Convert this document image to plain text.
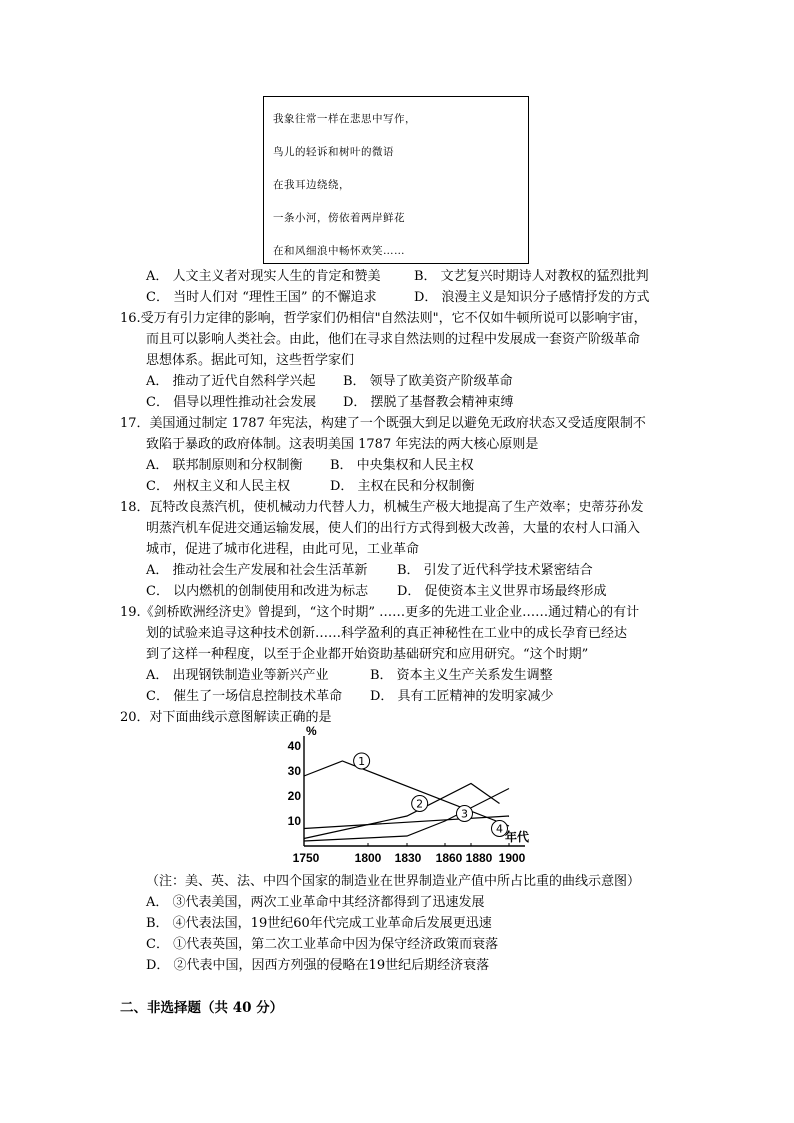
我象往常一样在悲思中写作，
鸟儿的轻诉和树叶的微语
在我耳边绕绕，
一条小河，傍依着两岸鲜花
在和风细浪中畅怀欢笑……
A． 人文主义者对现实人生的肯定和赞美	B． 文艺复兴时期诗人对教权的猛烈批判
C． 当时人们对 “理性王国” 的不懈追求	D． 浪漫主义是知识分子感情抒发的方式
16.受万有引力定律的影响，哲学家们仍相信"自然法则"，它不仅如牛顿所说可以影响宇宙，
而且可以影响人类社会。由此，他们在寻求自然法则的过程中发展成一套资产阶级革命
思想体系。据此可知，这些哲学家们
A． 推动了近代自然科学兴起 B． 领导了欧美资产阶级革命
C． 倡导以理性推动社会发展 D． 摆脱了基督教会精神束缚
17．美国通过制定 1787 年宪法，构建了一个既强大到足以避免无政府状态又受适度限制不
致陷于暴政的政府体制。这表明美国 1787 年宪法的两大核心原则是
A． 联邦制原则和分权制衡 B． 中央集权和人民主权
C． 州权主义和人民主权	D． 主权在民和分权制衡
18．瓦特改良蒸汽机，使机械动力代替人力，机械生产极大地提高了生产效率；史蒂芬孙发
明蒸汽机车促进交通运输发展，使人们的出行方式得到极大改善，大量的农村人口涌入
城市，促进了城市化进程，由此可见，工业革命
A． 推动社会生产发展和社会生活革新 B． 引发了近代科学技术紧密结合
C． 以内燃机的创制使用和改进为标志 D． 促使资本主义世界市场最终形成
19.《剑桥欧洲经济史》曾提到，“这个时期” ……更多的先进工业企业……通过精心的有计
划的试验来追寻这种技术创新……科学盈利的真正神秘性在工业中的成长孕育已经达
到了这样一种程度，以至于企业都开始资助基础研究和应用研究。“这个时期”
A． 出现钢铁制造业等新兴产业	B． 资本主义生产关系发生调整
C． 催生了一场信息控制技术革命 D． 具有工匠精神的发明家减少
20．对下面曲线示意图解读正确的是
10
20
30
40
%
1750	1800 1830 1860 1880 1900
年代
1
2
3
4
（注：美、英、法、中四个国家的制造业在世界制造业产值中所占比重的曲线示意图）
A． ③代表美国，两次工业革命中其经济都得到了迅速发展
B． ④代表法国，19世纪60年代完成工业革命后发展更迅速
C． ①代表英国，第二次工业革命中因为保守经济政策而衰落
D． ②代表中国，因西方列强的侵略在19世纪后期经济衰落
二、非选择题（共 40 分）
